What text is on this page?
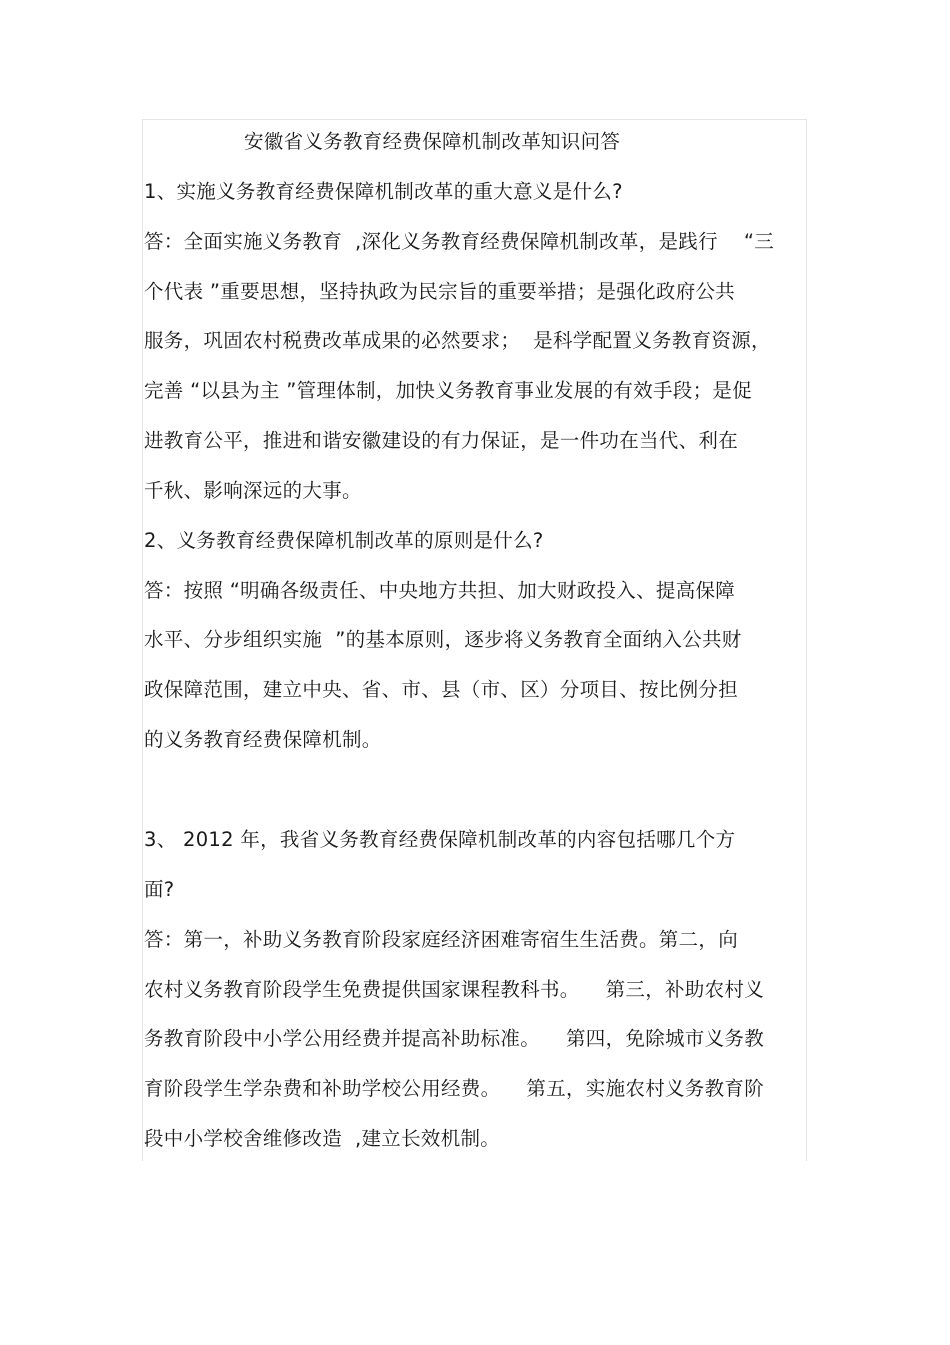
安徽省义务教育经费保障机制改革知识问答
1、实施义务教育经费保障机制改革的重大意义是什么?
答：全面实施义务教育  ,深化义务教育经费保障机制改革，是践行    “三
个代表 ”重要思想，坚持执政为民宗旨的重要举措；是强化政府公共
服务，巩固农村税费改革成果的必然要求；  是科学配置义务教育资源，
完善 “以县为主 ”管理体制，加快义务教育事业发展的有效手段；是促
进教育公平，推进和谐安徽建设的有力保证，是一件功在当代、利在
千秋、影响深远的大事。
2、义务教育经费保障机制改革的原则是什么?
答：按照 “明确各级责任、中央地方共担、加大财政投入、提高保障
水平、分步组织实施  ”的基本原则，逐步将义务教育全面纳入公共财
政保障范围，建立中央、省、市、县（市、区）分项目、按比例分担
的义务教育经费保障机制。
3、 2012 年，我省义务教育经费保障机制改革的内容包括哪几个方
面?
答：第一，补助义务教育阶段家庭经济困难寄宿生生活费。第二，向
农村义务教育阶段学生免费提供国家课程教科书。    第三，补助农村义
务教育阶段中小学公用经费并提高补助标准。    第四，免除城市义务教
育阶段学生学杂费和补助学校公用经费。    第五，实施农村义务教育阶
段中小学校舍维修改造  ,建立长效机制。
